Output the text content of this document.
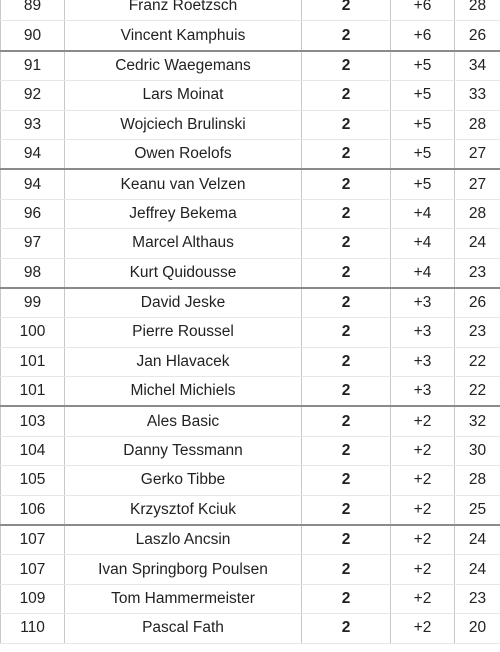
89	Franz Roetzsch	2	+6	28
90	Vincent Kamphuis	2	+6	26
91	Cedric Waegemans	2	+5	34
92	Lars Moinat	2	+5	33
93	Wojciech Brulinski	2	+5	28
94	Owen Roelofs	2	+5	27
94	Keanu van Velzen	2	+5	27
96	Jeffrey Bekema	2	+4	28
97	Marcel Althaus	2	+4	24
98	Kurt Quidousse	2	+4	23
99	David Jeske	2	+3	26
100	Pierre Roussel	2	+3	23
101	Jan Hlavacek	2	+3	22
101	Michel Michiels	2	+3	22
103	Ales Basic	2	+2	32
104	Danny Tessmann	2	+2	30
105	Gerko Tibbe	2	+2	28
106	Krzysztof Kciuk	2	+2	25
107	Laszlo Ancsin	2	+2	24
107	Ivan Springborg Poulsen	2	+2	24
109	Tom Hammermeister	2	+2	23
110	Pascal Fath	2	+2	20
